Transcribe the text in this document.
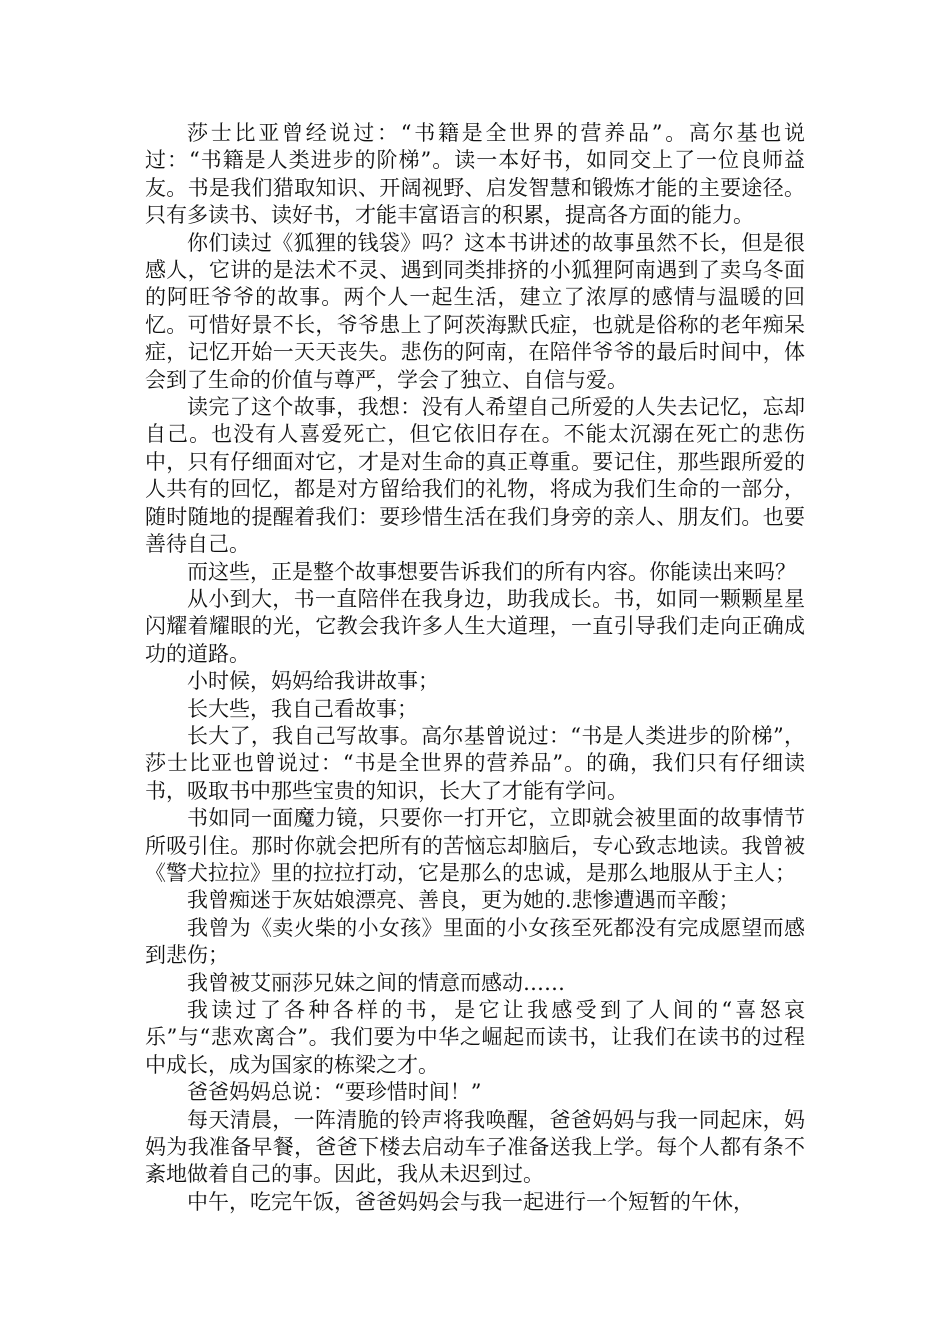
莎士比亚曾经说过：“书籍是全世界的营养品”。高尔基也说过：“书籍是人类进步的阶梯”。读一本好书，如同交上了一位良师益友。书是我们猎取知识、开阔视野、启发智慧和锻炼才能的主要途径。只有多读书、读好书，才能丰富语言的积累，提高各方面的能力。

你们读过《狐狸的钱袋》吗？这本书讲述的故事虽然不长，但是很感人，它讲的是法术不灵、遇到同类排挤的小狐狸阿南遇到了卖乌冬面的阿旺爷爷的故事。两个人一起生活，建立了浓厚的感情与温暖的回忆。可惜好景不长，爷爷患上了阿茨海默氏症，也就是俗称的老年痴呆症，记忆开始一天天丧失。悲伤的阿南，在陪伴爷爷的最后时间中，体会到了生命的价值与尊严，学会了独立、自信与爱。

读完了这个故事，我想：没有人希望自己所爱的人失去记忆，忘却自己。也没有人喜爱死亡，但它依旧存在。不能太沉溺在死亡的悲伤中，只有仔细面对它，才是对生命的真正尊重。要记住，那些跟所爱的人共有的回忆，都是对方留给我们的礼物，将成为我们生命的一部分，随时随地的提醒着我们：要珍惜生活在我们身旁的亲人、朋友们。也要善待自己。

而这些，正是整个故事想要告诉我们的所有内容。你能读出来吗？

从小到大，书一直陪伴在我身边，助我成长。书，如同一颗颗星星闪耀着耀眼的光，它教会我许多人生大道理，一直引导我们走向正确成功的道路。

小时候，妈妈给我讲故事；

长大些，我自己看故事；

长大了，我自己写故事。高尔基曾说过：“书是人类进步的阶梯”，莎士比亚也曾说过：“书是全世界的营养品”。的确，我们只有仔细读书，吸取书中那些宝贵的知识，长大了才能有学问。

书如同一面魔力镜，只要你一打开它，立即就会被里面的故事情节所吸引住。那时你就会把所有的苦恼忘却脑后，专心致志地读。我曾被《警犬拉拉》里的拉拉打动，它是那么的忠诚，是那么地服从于主人；

我曾痴迷于灰姑娘漂亮、善良，更为她的.悲惨遭遇而辛酸；

我曾为《卖火柴的小女孩》里面的小女孩至死都没有完成愿望而感到悲伤；

我曾被艾丽莎兄妹之间的情意而感动……

我读过了各种各样的书，是它让我感受到了人间的“喜怒哀乐”与“悲欢离合”。我们要为中华之崛起而读书，让我们在读书的过程中成长，成为国家的栋梁之才。

爸爸妈妈总说：“要珍惜时间！”

每天清晨，一阵清脆的铃声将我唤醒，爸爸妈妈与我一同起床，妈妈为我准备早餐，爸爸下楼去启动车子准备送我上学。每个人都有条不紊地做着自己的事。因此，我从未迟到过。

中午，吃完午饭，爸爸妈妈会与我一起进行一个短暂的午休，
